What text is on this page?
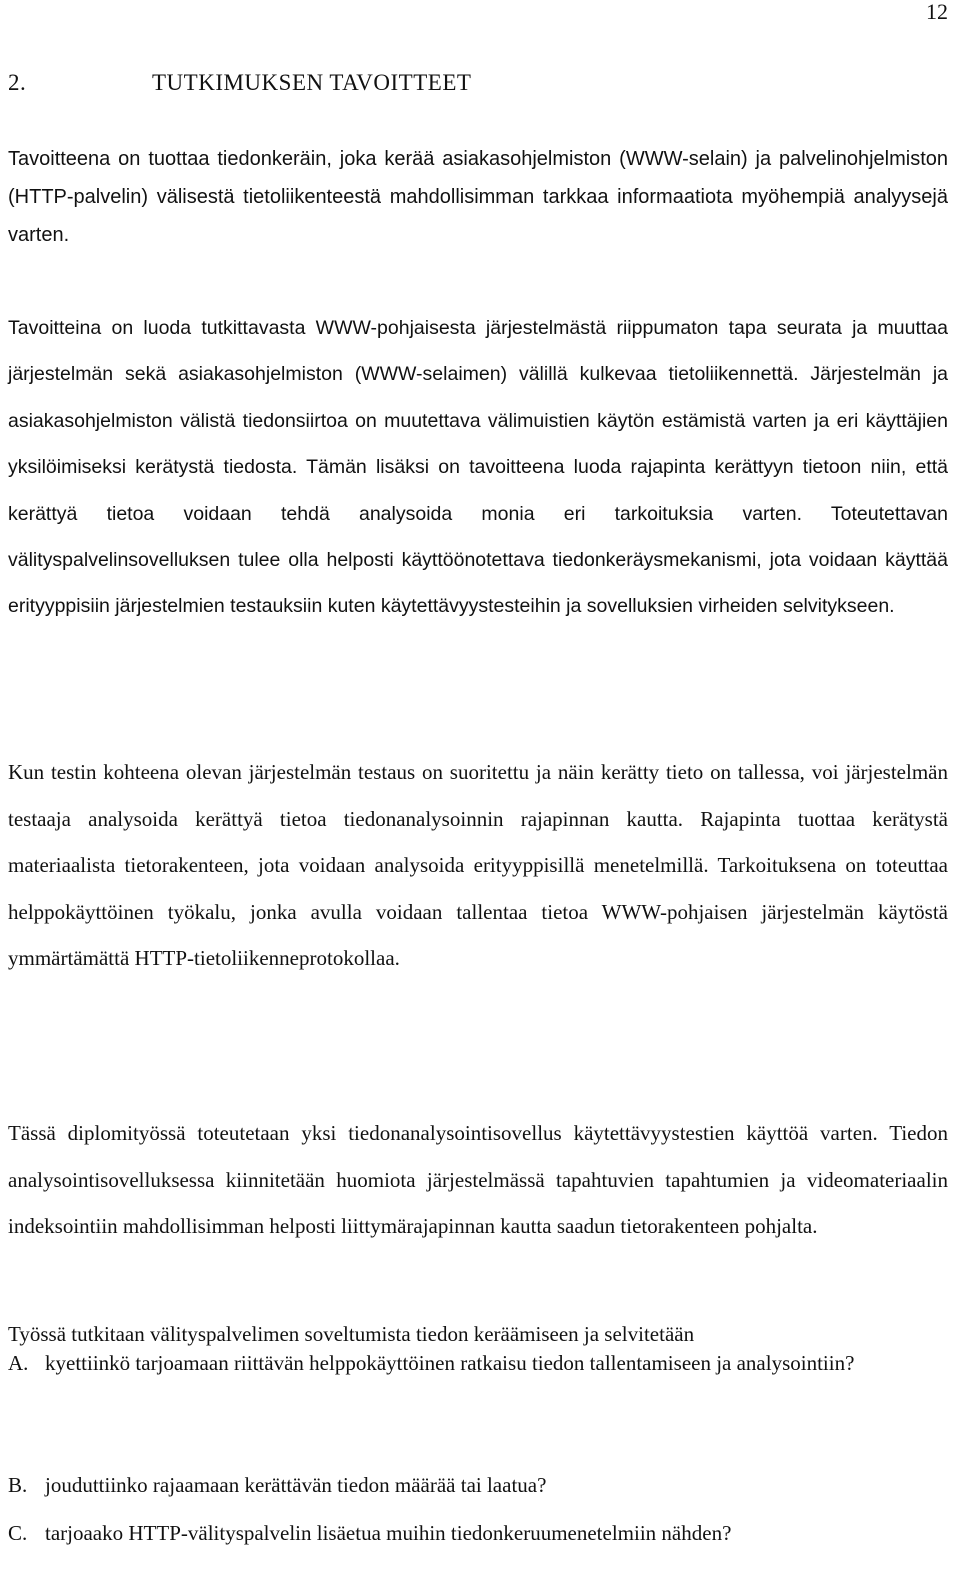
12
2.	TUTKIMUKSEN TAVOITTEET

Tavoitteena on tuottaa tiedonkeräin, joka kerää asiakasohjelmiston (WWW-selain) ja palvelinohjelmiston (HTTP-palvelin) välisestä tietoliikenteestä mahdollisimman tarkkaa informaatiota myöhempiä analyysejä varten.

Tavoitteina on luoda tutkittavasta WWW-pohjaisesta järjestelmästä riippumaton tapa seurata ja muuttaa järjestelmän sekä asiakasohjelmiston (WWW-selaimen) välillä kulkevaa tietoliikennettä. Järjestelmän ja asiakasohjelmiston välistä tiedonsiirtoa on muutettava välimuistien käytön estämistä varten ja eri käyttäjien yksilöimiseksi kerätystä tiedosta. Tämän lisäksi on tavoitteena luoda rajapinta kerättyyn tietoon niin, että kerättyä tietoa voidaan tehdä analysoida monia eri tarkoituksia varten. Toteutettavan välityspalvelinsovelluksen tulee olla helposti käyttöönotettava tiedonkeräysmekanismi, jota voidaan käyttää erityyppisiin järjestelmien testauksiin kuten käytettävyystesteihin ja sovelluksien virheiden selvitykseen.

Kun testin kohteena olevan järjestelmän testaus on suoritettu ja näin kerätty tieto on tallessa, voi järjestelmän testaaja analysoida kerättyä tietoa tiedonanalysoinnin rajapinnan kautta. Rajapinta tuottaa kerätystä materiaalista tietorakenteen, jota voidaan analysoida erityyppisillä menetelmillä. Tarkoituksena on toteuttaa helppokäyttöinen työkalu, jonka avulla voidaan tallentaa tietoa WWW-pohjaisen järjestelmän käytöstä ymmärtämättä HTTP-tietoliikenneprotokollaa.

Tässä diplomityössä toteutetaan yksi tiedonanalysointisovellus käytettävyystestien käyttöä varten. Tiedon analysointisovelluksessa kiinnitetään huomiota järjestelmässä tapahtuvien tapahtumien ja videomateriaalin indeksointiin mahdollisimman helposti liittymärajapinnan kautta saadun tietorakenteen pohjalta.

Työssä tutkitaan välityspalvelimen soveltumista tiedon keräämiseen ja selvitetään

A. kyettiinkö tarjoamaan riittävän helppokäyttöinen ratkaisu tiedon tallentamiseen ja analysointiin?
B. jouduttiinko rajaamaan kerättävän tiedon määrää tai laatua?
C. tarjoaako HTTP-välityspalvelin lisäetua muihin tiedonkeruumenetelmiin nähden?
